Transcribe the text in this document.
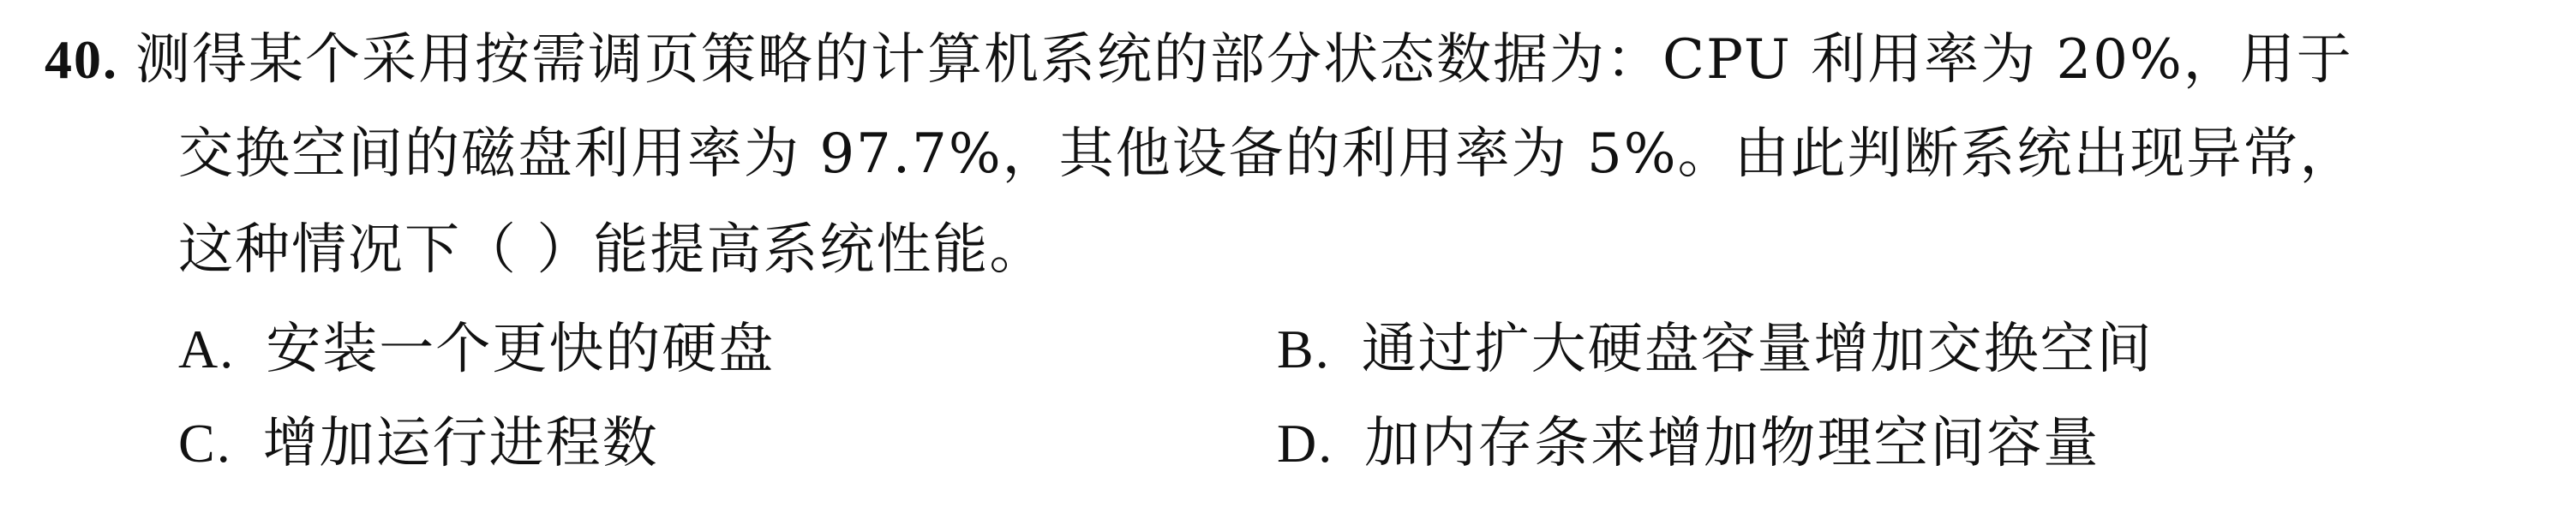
40. 测得某个采用按需调页策略的计算机系统的部分状态数据为：CPU 利用率为 20%，用于
交换空间的磁盘利用率为 97.7%，其他设备的利用率为 5%。由此判断系统出现异常，
这种情况下（ ）能提高系统性能。
A. 安装一个更快的硬盘	B. 通过扩大硬盘容量增加交换空间
C. 增加运行进程数	D. 加内存条来增加物理空间容量
